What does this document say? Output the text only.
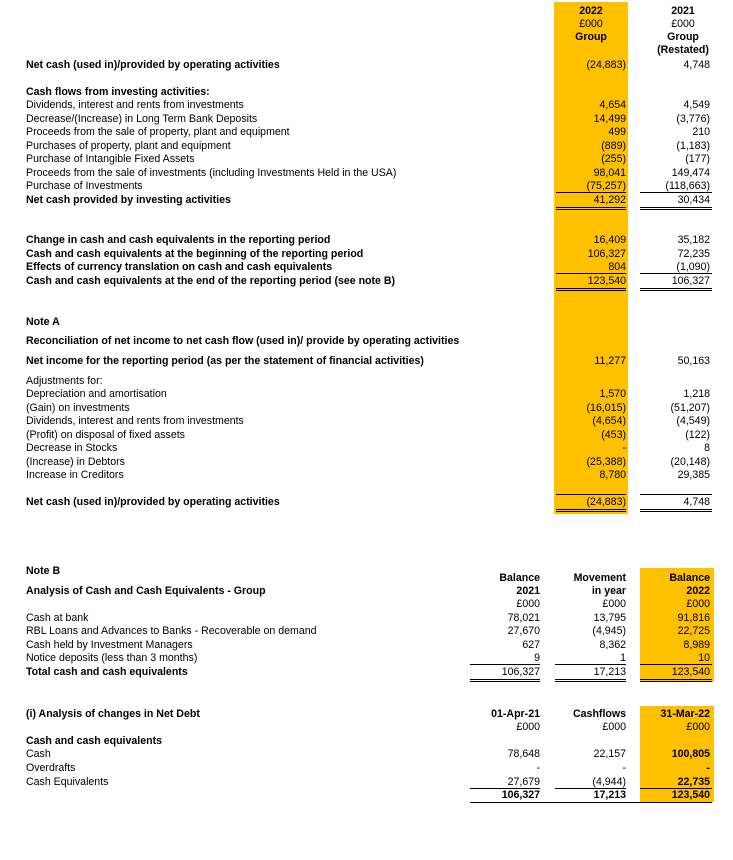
2022
£000
Group
2021
£000
Group
(Restated)
Net cash (used in)/provided by operating activities
Cash flows from investing activities:
Dividends, interest and rents from investments
Decrease/(Increase) in Long Term Bank Deposits
Proceeds from the sale of property, plant and equipment
Purchases of property, plant and equipment
Purchase of Intangible Fixed Assets
Proceeds from the sale of investments (including Investments Held in the USA)
Purchase of Investments
Net cash provided by investing activities
Change in cash and cash equivalents in the reporting period
Cash and cash equivalents at the beginning of the reporting period
Effects of currency translation on cash and cash equivalents
Cash and cash equivalents at the end of the reporting period (see note B)
Note A
Reconciliation of net income to net cash flow (used in)/ provide by operating activities
Net income for the reporting period (as per the statement of financial activities)
Adjustments for:
Depreciation and amortisation
(Gain) on investments
Dividends, interest and rents from investments
(Profit) on disposal of fixed assets
Decrease in Stocks
(Increase) in Debtors
Increase in Creditors
Net cash (used in)/provided by operating activities
(24,883)
4,654
14,499
499
(889)
(255)
98,041
(75,257)
41,292
16,409
106,327
804
123,540
11,277
1,570
(16,015)
(4,654)
(453)
-
(25,388)
8,780
(24,883)
4,748
4,549
(3,776)
210
(1,183)
(177)
149,474
(118,663)
30,434
35,182
72,235
(1,090)
106,327
50,163
1,218
(51,207)
(4,549)
(122)
8
(20,148)
29,385
4,748
Note B
Analysis of Cash and Cash Equivalents - Group
Balance
2021
£000
Movement
in year
£000
Balance
2022
£000
Cash at bank
RBL Loans and Advances to Banks - Recoverable on demand
Cash held by Investment Managers
Notice deposits (less than 3 months)
Total cash and cash equivalents
78,021
27,670
627
9
106,327
13,795
(4,945)
8,362
1
17,213
91,816
22,725
8,989
10
123,540
(i) Analysis of changes in Net Debt	01-Apr-21
£000
Cashflows
£000
31-Mar-22
£000
Cash and cash equivalents
Cash
Overdrafts
Cash Equivalents
78,648
-
27,679
106,327
22,157
-
(4,944)
17,213
100,805
-
22,735
123,540
